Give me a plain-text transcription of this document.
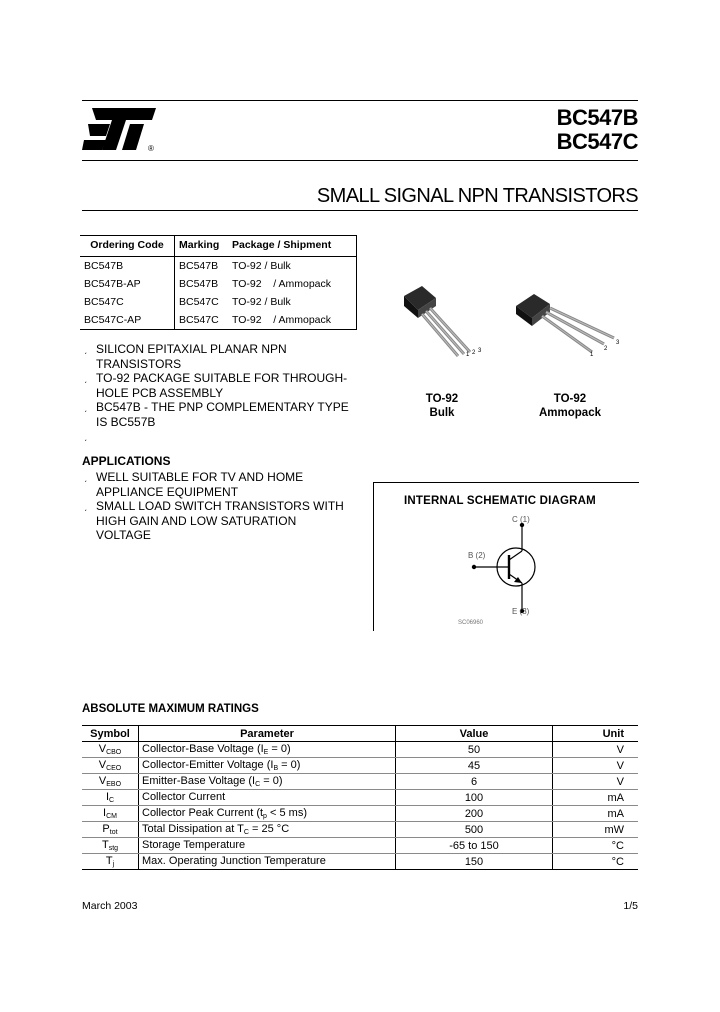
®
BC547B
BC547C
SMALL SIGNAL NPN TRANSISTORS
Ordering Code	Marking	Package / Shipment
BC547B	BC547B	TO-92 / Bulk
BC547B-AP	BC547B	TO-92    / Ammopack
BC547C	BC547C	TO-92 / Bulk
BC547C-AP	BC547C	TO-92    / Ammopack
ˏ SILICON EPITAXIAL PLANAR NPN TRANSISTORS
ˏ TO-92 PACKAGE SUITABLE FOR THROUGH-HOLE PCB ASSEMBLY
ˏ BC547B - THE PNP COMPLEMENTARY TYPE IS BC557B
ˏ

APPLICATIONS
ˏ WELL SUITABLE FOR TV AND HOME APPLIANCE EQUIPMENT
ˏ SMALL LOAD SWITCH TRANSISTORS WITH HIGH GAIN AND LOW SATURATION VOLTAGE
1 2 3
TO-92
Bulk
1
2
3
TO-92
Ammopack
INTERNAL SCHEMATIC DIAGRAM
C (1)
B (2)
E (3)
SC06960
ABSOLUTE MAXIMUM RATINGS
Symbol	Parameter	Value	Unit
$V_{CBO}$	Collector-Base Voltage $(I_E = 0)$	50	V
$V_{CEO}$	Collector-Emitter Voltage $(I_B = 0)$	45	V
$V_{EBO}$	Emitter-Base Voltage $(I_C = 0)$	6	V
$I_C$	Collector Current	100	mA
$I_{CM}$	Collector Peak Current ($t_p < 5$ ms)	200	mA
$P_{tot}$	Total Dissipation at $T_C = 25$ °C	500	mW
$T_{stg}$	Storage Temperature	-65 to 150	°C
$T_j$	Max. Operating Junction Temperature	150	°C
March 2003	1/5
